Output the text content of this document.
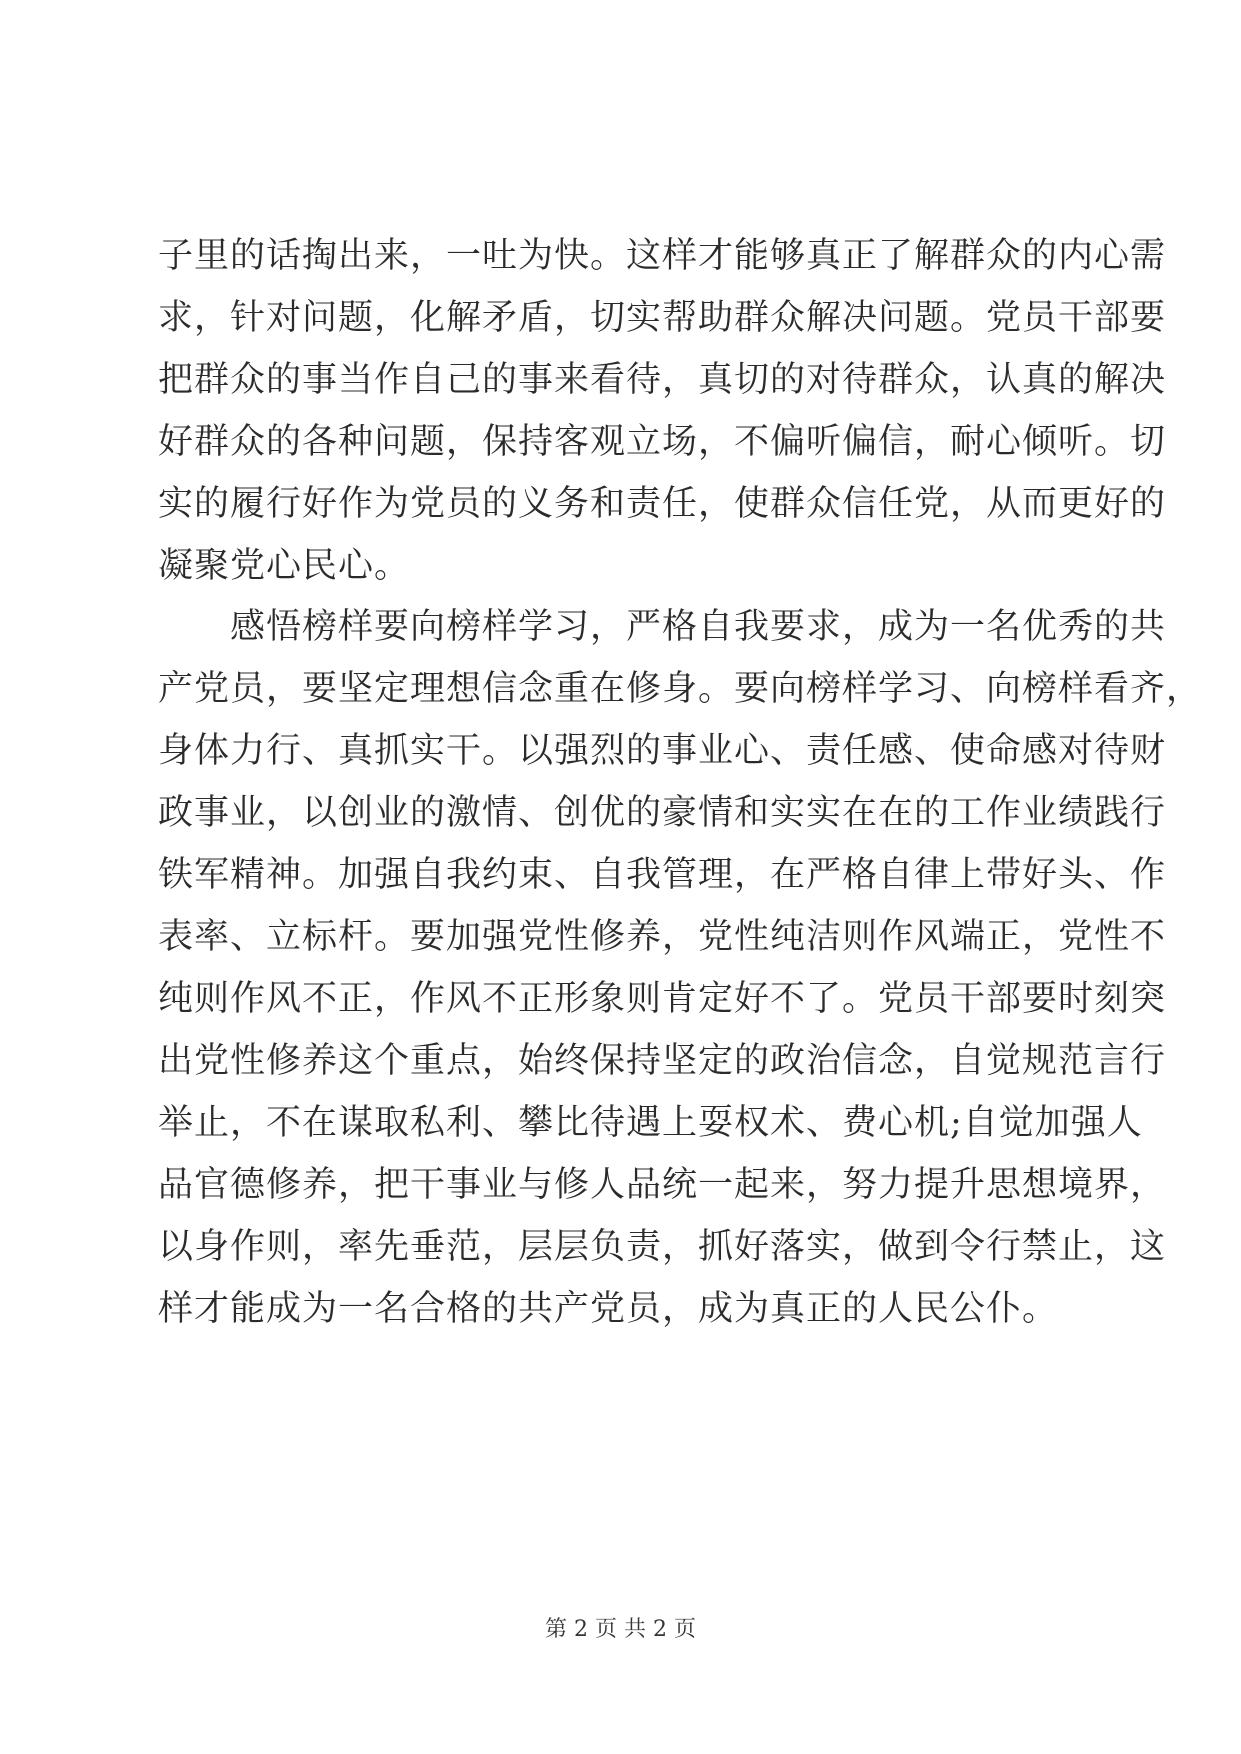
子里的话掏出来，一吐为快。这样才能够真正了解群众的内心需
求，针对问题，化解矛盾，切实帮助群众解决问题。党员干部要
把群众的事当作自己的事来看待，真切的对待群众，认真的解决
好群众的各种问题，保持客观立场，不偏听偏信，耐心倾听。切
实的履行好作为党员的义务和责任，使群众信任党，从而更好的
凝聚党心民心。
　　感悟榜样要向榜样学习，严格自我要求，成为一名优秀的共
产党员，要坚定理想信念重在修身。要向榜样学习、向榜样看齐，
身体力行、真抓实干。以强烈的事业心、责任感、使命感对待财
政事业，以创业的激情、创优的豪情和实实在在的工作业绩践行
铁军精神。加强自我约束、自我管理，在严格自律上带好头、作
表率、立标杆。要加强党性修养，党性纯洁则作风端正，党性不
纯则作风不正，作风不正形象则肯定好不了。党员干部要时刻突
出党性修养这个重点，始终保持坚定的政治信念，自觉规范言行
举止，不在谋取私利、攀比待遇上耍权术、费心机;自觉加强人
品官德修养，把干事业与修人品统一起来，努力提升思想境界，
以身作则，率先垂范，层层负责，抓好落实，做到令行禁止，这
样才能成为一名合格的共产党员，成为真正的人民公仆。
第 2 页 共 2 页
